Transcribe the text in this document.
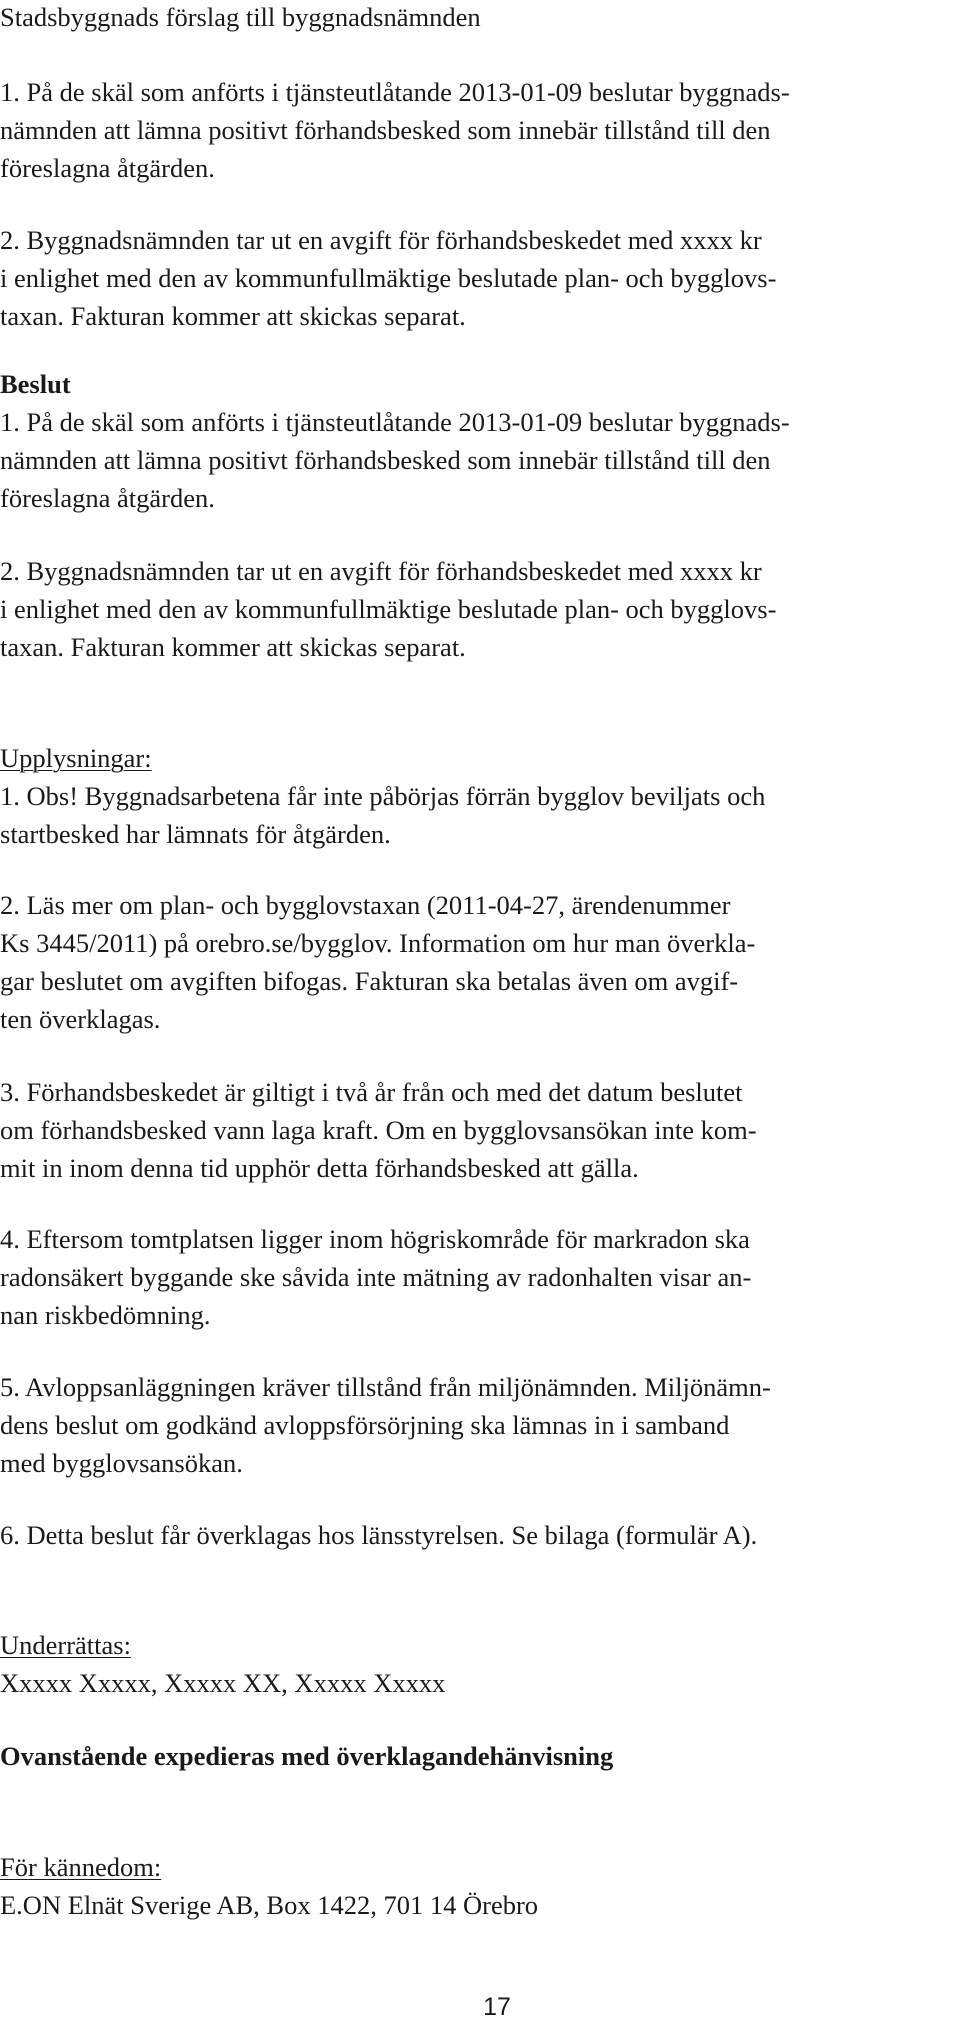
Stadsbyggnads förslag till byggnadsnämnden
1. På de skäl som anförts i tjänsteutlåtande 2013-01-09 beslutar byggnads-
nämnden att lämna positivt förhandsbesked som innebär tillstånd till den
föreslagna åtgärden.
2. Byggnadsnämnden tar ut en avgift för förhandsbeskedet med xxxx kr
i enlighet med den av kommunfullmäktige beslutade plan- och bygglovs-
taxan. Fakturan kommer att skickas separat.
Beslut
1. På de skäl som anförts i tjänsteutlåtande 2013-01-09 beslutar byggnads-
nämnden att lämna positivt förhandsbesked som innebär tillstånd till den
föreslagna åtgärden.
2. Byggnadsnämnden tar ut en avgift för förhandsbeskedet med xxxx kr
i enlighet med den av kommunfullmäktige beslutade plan- och bygglovs-
taxan. Fakturan kommer att skickas separat.
Upplysningar:
1. Obs! Byggnadsarbetena får inte påbörjas förrän bygglov beviljats och
startbesked har lämnats för åtgärden.
2. Läs mer om plan- och bygglovstaxan (2011-04-27, ärendenummer
Ks 3445/2011) på orebro.se/bygglov. Information om hur man överkla-
gar beslutet om avgiften bifogas. Fakturan ska betalas även om avgif-
ten överklagas.
3. Förhandsbeskedet är giltigt i två år från och med det datum beslutet
om förhandsbesked vann laga kraft. Om en bygglovsansökan inte kom-
mit in inom denna tid upphör detta förhandsbesked att gälla.
4. Eftersom tomtplatsen ligger inom högriskområde för markradon ska
radonsäkert byggande ske såvida inte mätning av radonhalten visar an-
nan riskbedömning.
5. Avloppsanläggningen kräver tillstånd från miljönämnden. Miljönämn-
dens beslut om godkänd avloppsförsörjning ska lämnas in i samband
med bygglovsansökan.
6. Detta beslut får överklagas hos länsstyrelsen. Se bilaga (formulär A).
Underrättas:
Xxxxx Xxxxx, Xxxxx XX, Xxxxx Xxxxx
Ovanstående expedieras med överklagandehänvisning
För kännedom:
E.ON Elnät Sverige AB, Box 1422, 701 14 Örebro
17
